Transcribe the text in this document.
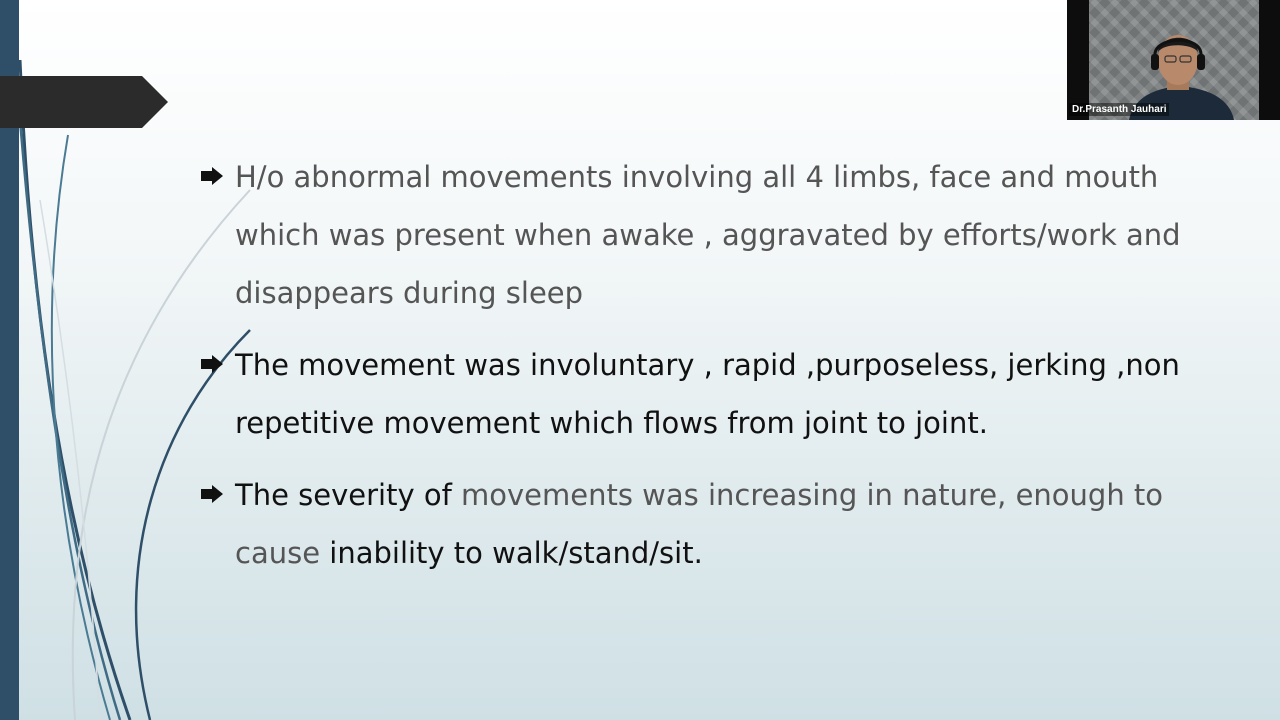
H/o abnormal movements involving all 4 limbs, face and mouth which was present when awake , aggravated by efforts/work and disappears during sleep
The movement was involuntary , rapid ,purposeless, jerking ,non repetitive movement which flows from joint to joint.
The severity of movements was increasing in nature, enough to cause inability to walk/stand/sit.
Dr.Prasanth Jauhari
